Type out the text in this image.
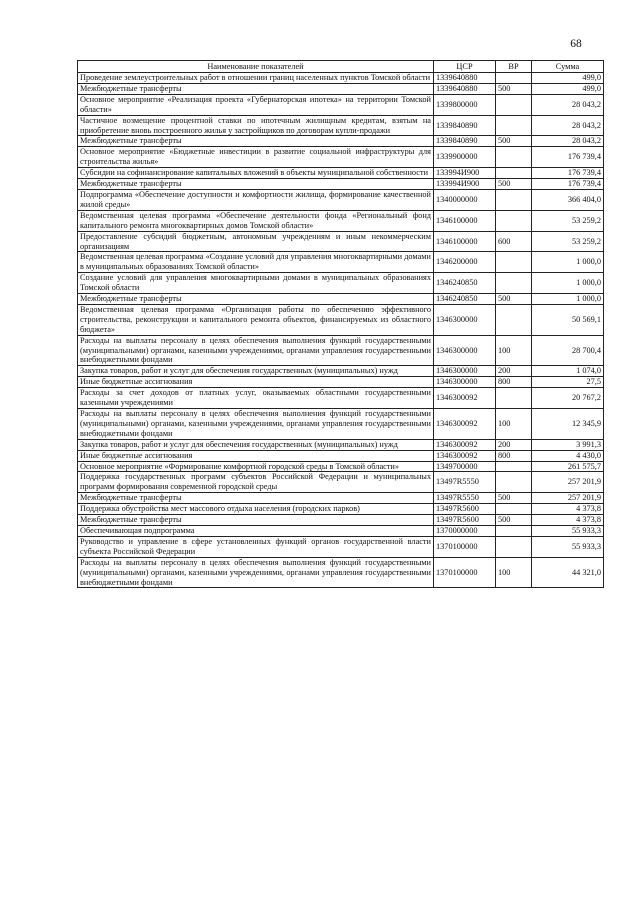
68
Наименование показателей	ЦСР	ВР	Сумма
Проведение землеустроительных работ в отношении границ населенных пунктов Томской области	1339640880		499,0
Межбюджетные трансферты	1339640880	500	499,0
Основное мероприятие «Реализация проекта «Губернаторская ипотека» на территории Томской области»	1339800000		28 043,2
Частичное возмещение процентной ставки по ипотечным жилищным кредитам, взятым на приобретение вновь построенного жилья у застройщиков по договорам купли-продажи	1339840890		28 043,2
Межбюджетные трансферты	1339840890	500	28 043,2
Основное мероприятие «Бюджетные инвестиции в развитие социальной инфраструктуры для строительства жилья»	1339900000		176 739,4
Субсидии на софинансирование капитальных вложений в объекты муниципальной собственности	133994И900		176 739,4
Межбюджетные трансферты	133994И900	500	176 739,4
Подпрограмма «Обеспечение доступности и комфортности жилища, формирование качественной жилой среды»	1340000000		366 404,0
Ведомственная целевая программа «Обеспечение деятельности фонда «Региональный фонд капитального ремонта многоквартирных домов Томской области»	1346100000		53 259,2
Предоставление субсидий бюджетным, автономным учреждениям и иным некоммерческим организациям	1346100000	600	53 259,2
Ведомственная целевая программа «Создание условий для управления многоквартирными домами в муниципальных образованиях Томской области»	1346200000		1 000,0
Создание условий для управления многоквартирными домами в муниципальных образованиях Томской области	1346240850		1 000,0
Межбюджетные трансферты	1346240850	500	1 000,0
Ведомственная целевая программа «Организация работы по обеспечению эффективного строительства, реконструкции и капитального ремонта объектов, финансируемых из областного бюджета»	1346300000		50 569,1
Расходы на выплаты персоналу в целях обеспечения выполнения функций государственными (муниципальными) органами, казенными учреждениями, органами управления государственными внебюджетными фондами	1346300000	100	28 700,4
Закупка товаров, работ и услуг для обеспечения государственных (муниципальных) нужд	1346300000	200	1 074,0
Иные бюджетные ассигнования	1346300000	800	27,5
Расходы за счет доходов от платных услуг, оказываемых областными государственными казенными учреждениями	1346300092		20 767,2
Расходы на выплаты персоналу в целях обеспечения выполнения функций государственными (муниципальными) органами, казенными учреждениями, органами управления государственными внебюджетными фондами	1346300092	100	12 345,9
Закупка товаров, работ и услуг для обеспечения государственных (муниципальных) нужд	1346300092	200	3 991,3
Иные бюджетные ассигнования	1346300092	800	4 430,0
Основное мероприятие «Формирование комфортной городской среды в Томской области»	1349700000		261 575,7
Поддержка государственных программ субъектов Российской Федерации и муниципальных программ формирования современной городской среды	13497R5550		257 201,9
Межбюджетные трансферты	13497R5550	500	257 201,9
Поддержка обустройства мест массового отдыха населения (городских парков)	13497R5600		4 373,8
Межбюджетные трансферты	13497R5600	500	4 373,8
Обеспечивающая подпрограмма	1370000000		55 933,3
Руководство и управление в сфере установленных функций органов государственной власти субъекта Российской Федерации	1370100000		55 933,3
Расходы на выплаты персоналу в целях обеспечения выполнения функций государственными (муниципальными) органами, казенными учреждениями, органами управления государственными внебюджетными фондами	1370100000	100	44 321,0
